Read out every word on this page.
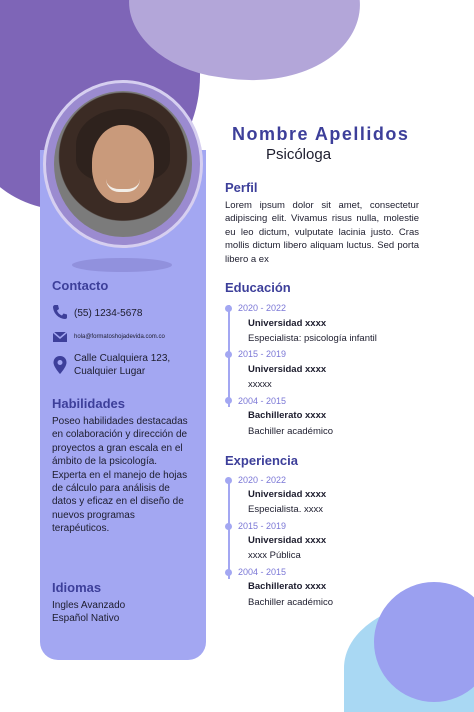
Contacto
(55) 1234-5678
hola@formatoshojadevida.com.co
Calle Cualquiera 123,
Cualquier Lugar
Habilidades
Poseo habilidades destacadas en colaboración y dirección de proyectos a gran escala en el ámbito de la psicología. Experta en el manejo de hojas de cálculo para análisis de datos y eficaz en el diseño de nuevos programas terapéuticos.
Idiomas
Ingles Avanzado
Español Nativo
Nombre Apellidos
Psicóloga
Perfil
Lorem ipsum dolor sit amet, consectetur adipiscing elit. Vivamus risus nulla, molestie eu leo dictum, vulputate lacinia justo. Cras mollis dictum libero aliquam luctus. Sed porta libero a ex
Educación
2020 - 2022
Universidad xxxx
Especialista: psicología infantil
2015 - 2019
Universidad xxxx
xxxxx
2004 - 2015
Bachillerato xxxx
Bachiller académico
Experiencia
2020 - 2022
Universidad xxxx
Especialista. xxxx
2015 - 2019
Universidad xxxx
xxxx Pública
2004 - 2015
Bachillerato xxxx
Bachiller académico
